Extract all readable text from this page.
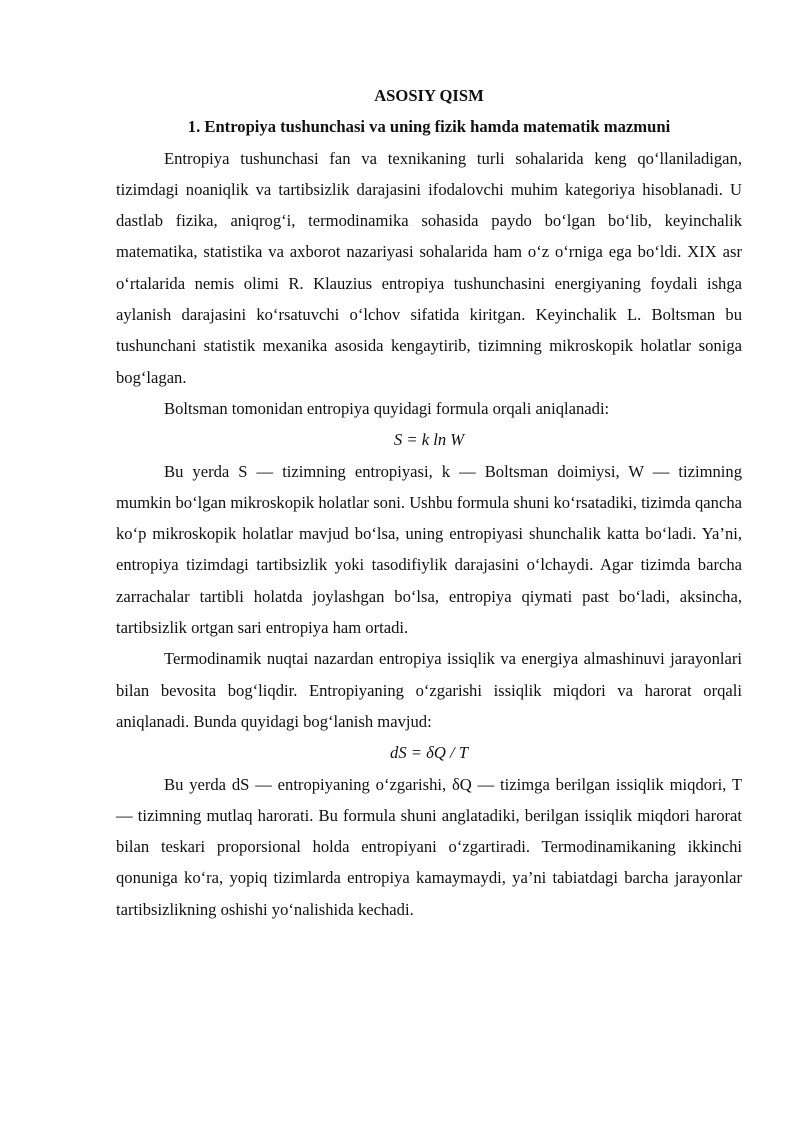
ASOSIY QISM
1. Entropiya tushunchasi va uning fizik hamda matematik mazmuni

Entropiya tushunchasi fan va texnikaning turli sohalarida keng qo‘llaniladigan, tizimdagi noaniqlik va tartibsizlik darajasini ifodalovchi muhim kategoriya hisoblanadi. U dastlab fizika, aniqrog‘i, termodinamika sohasida paydo bo‘lgan bo‘lib, keyinchalik matematika, statistika va axborot nazariyasi sohalarida ham o‘z o‘rniga ega bo‘ldi. XIX asr o‘rtalarida nemis olimi R. Klauzius entropiya tushunchasini energiyaning foydali ishga aylanish darajasini ko‘rsatuvchi o‘lchov sifatida kiritgan. Keyinchalik L. Boltsman bu tushunchani statistik mexanika asosida kengaytirib, tizimning mikroskopik holatlar soniga bog‘lagan.

Boltsman tomonidan entropiya quyidagi formula orqali aniqlanadi:

S = k ln W

Bu yerda S — tizimning entropiyasi, k — Boltsman doimiysi, W — tizimning mumkin bo‘lgan mikroskopik holatlar soni. Ushbu formula shuni ko‘rsatadiki, tizimda qancha ko‘p mikroskopik holatlar mavjud bo‘lsa, uning entropiyasi shunchalik katta bo‘ladi. Ya’ni, entropiya tizimdagi tartibsizlik yoki tasodifiylik darajasini o‘lchaydi. Agar tizimda barcha zarrachalar tartibli holatda joylashgan bo‘lsa, entropiya qiymati past bo‘ladi, aksincha, tartibsizlik ortgan sari entropiya ham ortadi.

Termodinamik nuqtai nazardan entropiya issiqlik va energiya almashinuvi jarayonlari bilan bevosita bog‘liqdir. Entropiyaning o‘zgarishi issiqlik miqdori va harorat orqali aniqlanadi. Bunda quyidagi bog‘lanish mavjud:

dS = δQ / T

Bu yerda dS — entropiyaning o‘zgarishi, δQ — tizimga berilgan issiqlik miqdori, T — tizimning mutlaq harorati. Bu formula shuni anglatadiki, berilgan issiqlik miqdori harorat bilan teskari proporsional holda entropiyani o‘zgartiradi. Termodinamikaning ikkinchi qonuniga ko‘ra, yopiq tizimlarda entropiya kamaymaydi, ya’ni tabiatdagi barcha jarayonlar tartibsizlikning oshishi yo‘nalishida kechadi.
